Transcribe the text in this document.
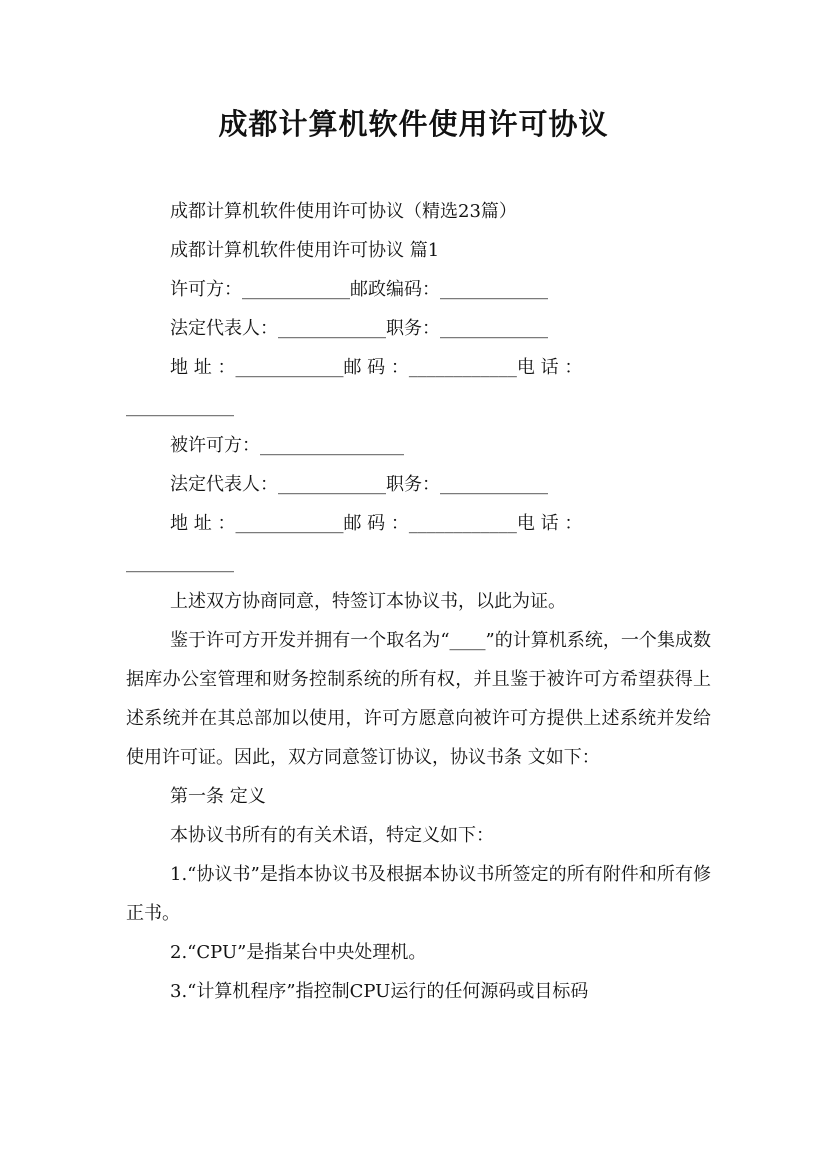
成都计算机软件使用许可协议

成都计算机软件使用许可协议（精选23篇）

成都计算机软件使用许可协议 篇1

许可方：____________邮政编码：____________

法定代表人：____________职务：____________

地 址 ：____________邮 码 ：____________电 话 ：

____________

被许可方：________________

法定代表人：____________职务：____________

地 址 ：____________邮 码 ：____________电 话 ：

____________

上述双方协商同意，特签订本协议书，以此为证。

鉴于许可方开发并拥有一个取名为“____”的计算机系统，一个集成数据库办公室管理和财务控制系统的所有权，并且鉴于被许可方希望获得上述系统并在其总部加以使用，许可方愿意向被许可方提供上述系统并发给使用许可证。因此，双方同意签订协议，协议书条 文如下：

第一条 定义

本协议书所有的有关术语，特定义如下：

1.“协议书”是指本协议书及根据本协议书所签定的所有附件和所有修正书。

2.“CPU”是指某台中央处理机。

3.“计算机程序”指控制CPU运行的任何源码或目标码
